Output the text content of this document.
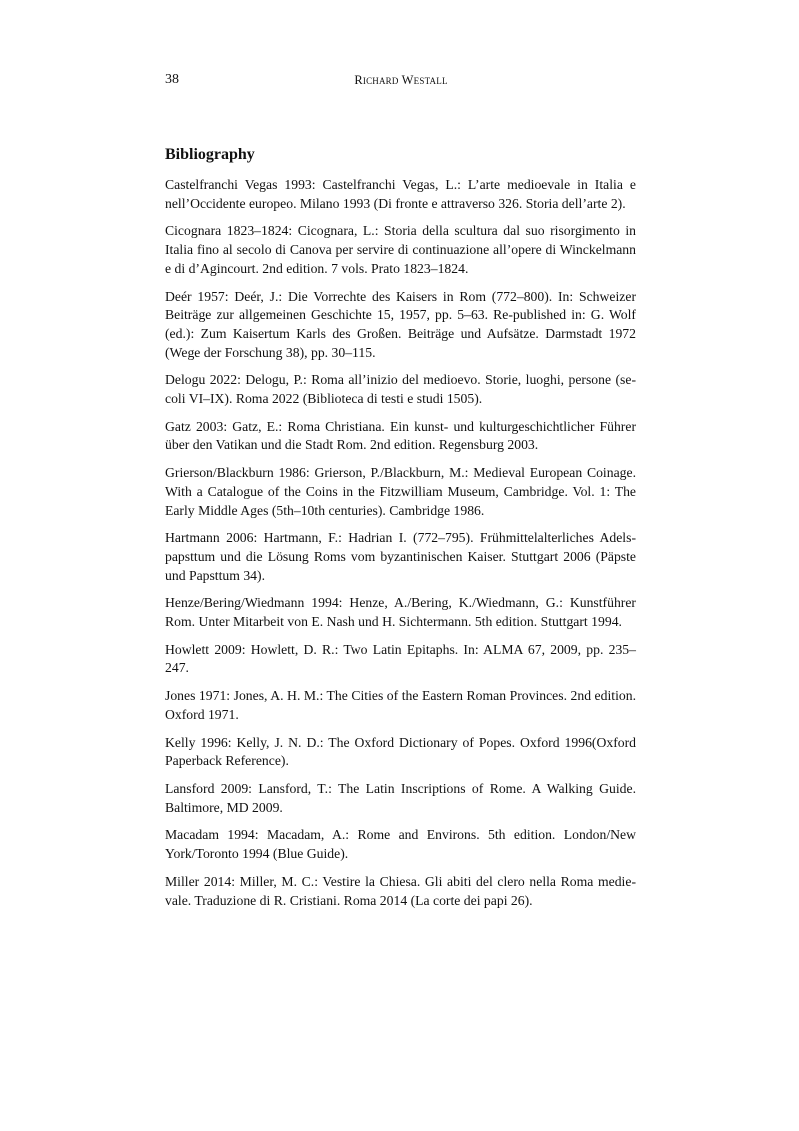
38	Richard Westall
Bibliography
Castelfranchi Vegas 1993: Castelfranchi Vegas, L.: L’arte medioevale in Italia e nell’Occidente europeo. Milano 1993 (Di fronte e attraverso 326. Storia dell’arte 2).
Cicognara 1823–1824: Cicognara, L.: Storia della scultura dal suo risorgimento in Italia fino al secolo di Canova per servire di continuazione all’opere di Winckelmann e di d’Agincourt. 2nd edition. 7 vols. Prato 1823–1824.
Deér 1957: Deér, J.: Die Vorrechte des Kaisers in Rom (772–800). In: Schweizer Beiträge zur allgemeinen Geschichte 15, 1957, pp. 5–63. Re-published in: G. Wolf (ed.): Zum Kaisertum Karls des Großen. Beiträge und Aufsätze. Darmstadt 1972 (Wege der Forschung 38), pp. 30–115.
Delogu 2022: Delogu, P.: Roma all’inizio del medioevo. Storie, luoghi, persone (secoli VI–IX). Roma 2022 (Biblioteca di testi e studi 1505).
Gatz 2003: Gatz, E.: Roma Christiana. Ein kunst- und kulturgeschichtlicher Führer über den Vatikan und die Stadt Rom. 2nd edition. Regensburg 2003.
Grierson/Blackburn 1986: Grierson, P./Blackburn, M.: Medieval European Coinage. With a Catalogue of the Coins in the Fitzwilliam Museum, Cambridge. Vol. 1: The Early Middle Ages (5th–10th centuries). Cambridge 1986.
Hartmann 2006: Hartmann, F.: Hadrian I. (772–795). Frühmittelalterliches Adelspapsttum und die Lösung Roms vom byzantinischen Kaiser. Stuttgart 2006 (Päpste und Papsttum 34).
Henze/Bering/Wiedmann 1994: Henze, A./Bering, K./Wiedmann, G.: Kunstführer Rom. Unter Mitarbeit von E. Nash und H. Sichtermann. 5th edition. Stuttgart 1994.
Howlett 2009: Howlett, D. R.: Two Latin Epitaphs. In: ALMA 67, 2009, pp. 235–247.
Jones 1971: Jones, A. H. M.: The Cities of the Eastern Roman Provinces. 2nd edition. Oxford 1971.
Kelly 1996: Kelly, J. N. D.: The Oxford Dictionary of Popes. Oxford 1996(Oxford Paperback Reference).
Lansford 2009: Lansford, T.: The Latin Inscriptions of Rome. A Walking Guide. Baltimore, MD 2009.
Macadam 1994: Macadam, A.: Rome and Environs. 5th edition. London/New York/Toronto 1994 (Blue Guide).
Miller 2014: Miller, M. C.: Vestire la Chiesa. Gli abiti del clero nella Roma medievale. Traduzione di R. Cristiani. Roma 2014 (La corte dei papi 26).
